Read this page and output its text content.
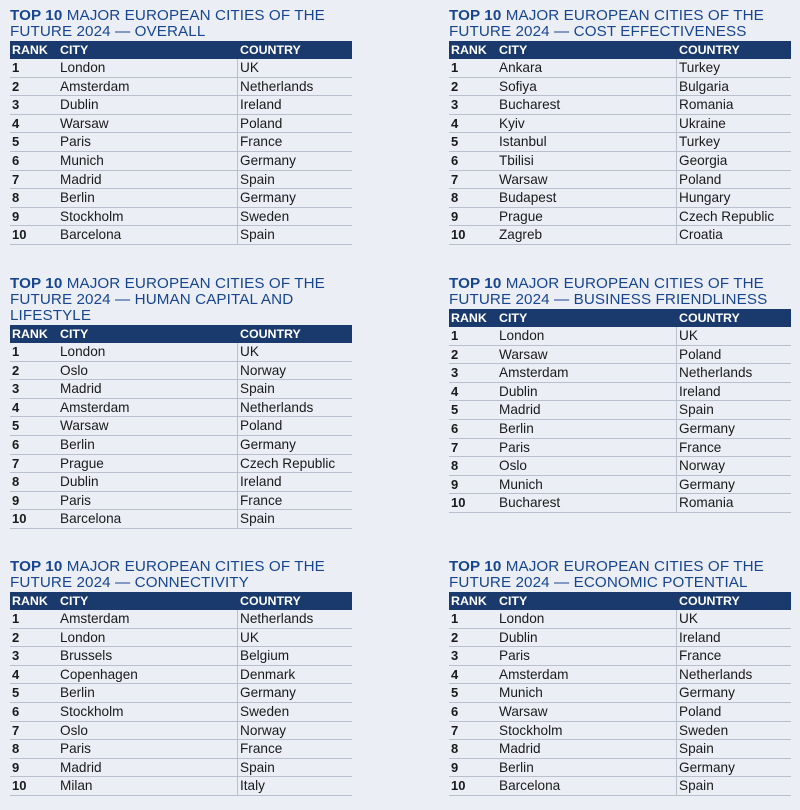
TOP 10 MAJOR EUROPEAN CITIES OF THE
FUTURE 2024 — OVERALL
RANK CITY	COUNTRY
1	London	UK
2	Amsterdam	Netherlands
3	Dublin	Ireland
4	Warsaw	Poland
5	Paris	France
6	Munich	Germany
7	Madrid	Spain
8	Berlin	Germany
9	Stockholm	Sweden
10	Barcelona	Spain
TOP 10 MAJOR EUROPEAN CITIES OF THE
FUTURE 2024 — COST EFFECTIVENESS
RANK CITY	COUNTRY
1	Ankara	Turkey
2	Sofiya	Bulgaria
3	Bucharest	Romania
4	Kyiv	Ukraine
5	Istanbul	Turkey
6	Tbilisi	Georgia
7	Warsaw	Poland
8	Budapest	Hungary
9	Prague	Czech Republic
10	Zagreb	Croatia
TOP 10 MAJOR EUROPEAN CITIES OF THE
FUTURE 2024 — HUMAN CAPITAL AND
LIFESTYLE
RANK CITY	COUNTRY
1	London	UK
2	Oslo	Norway
3	Madrid	Spain
4	Amsterdam	Netherlands
5	Warsaw	Poland
6	Berlin	Germany
7	Prague	Czech Republic
8	Dublin	Ireland
9	Paris	France
10	Barcelona	Spain
TOP 10 MAJOR EUROPEAN CITIES OF THE
FUTURE 2024 — BUSINESS FRIENDLINESS
RANK CITY	COUNTRY
1	London	UK
2	Warsaw	Poland
3	Amsterdam	Netherlands
4	Dublin	Ireland
5	Madrid	Spain
6	Berlin	Germany
7	Paris	France
8	Oslo	Norway
9	Munich	Germany
10	Bucharest	Romania
TOP 10 MAJOR EUROPEAN CITIES OF THE
FUTURE 2024 — CONNECTIVITY
RANK CITY	COUNTRY
1	Amsterdam	Netherlands
2	London	UK
3	Brussels	Belgium
4	Copenhagen	Denmark
5	Berlin	Germany
6	Stockholm	Sweden
7	Oslo	Norway
8	Paris	France
9	Madrid	Spain
10	Milan	Italy
TOP 10 MAJOR EUROPEAN CITIES OF THE
FUTURE 2024 — ECONOMIC POTENTIAL
RANK CITY	COUNTRY
1	London	UK
2	Dublin	Ireland
3	Paris	France
4	Amsterdam	Netherlands
5	Munich	Germany
6	Warsaw	Poland
7	Stockholm	Sweden
8	Madrid	Spain
9	Berlin	Germany
10	Barcelona	Spain
